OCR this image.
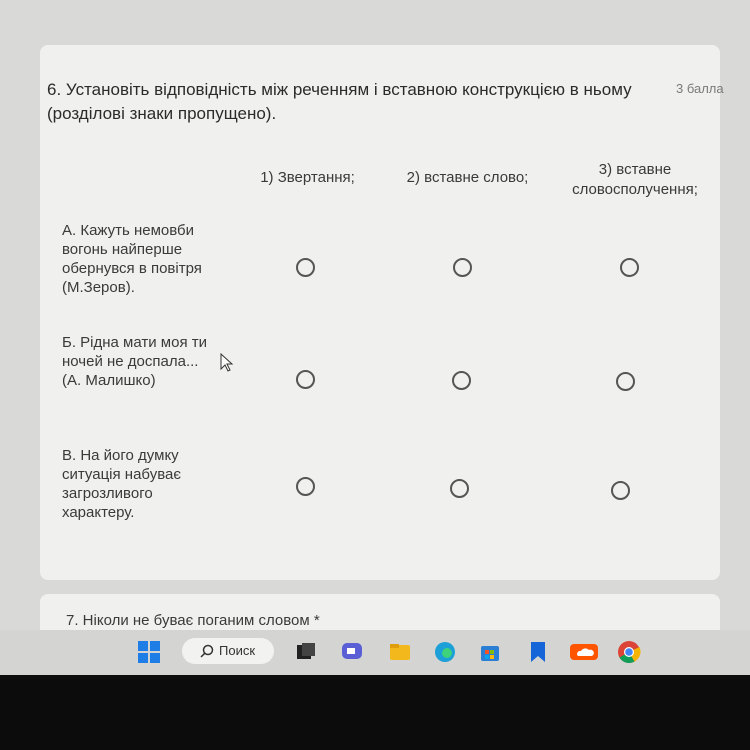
6. Установіть відповідність між реченням і вставною конструкцією в ньому (розділові знаки пропущено).
3 балла
1) Звертання;	2) вставне слово;	3) вставне словосполучення;
А. Кажуть немовби вогонь найперше обернувся в повітря (М.Зеров).
Б. Рідна мати моя ти ночей не доспала... (А. Малишко)
В. На його думку ситуація набуває загрозливого характеру.
7. Ніколи не буває поганим словом *
Поиск
